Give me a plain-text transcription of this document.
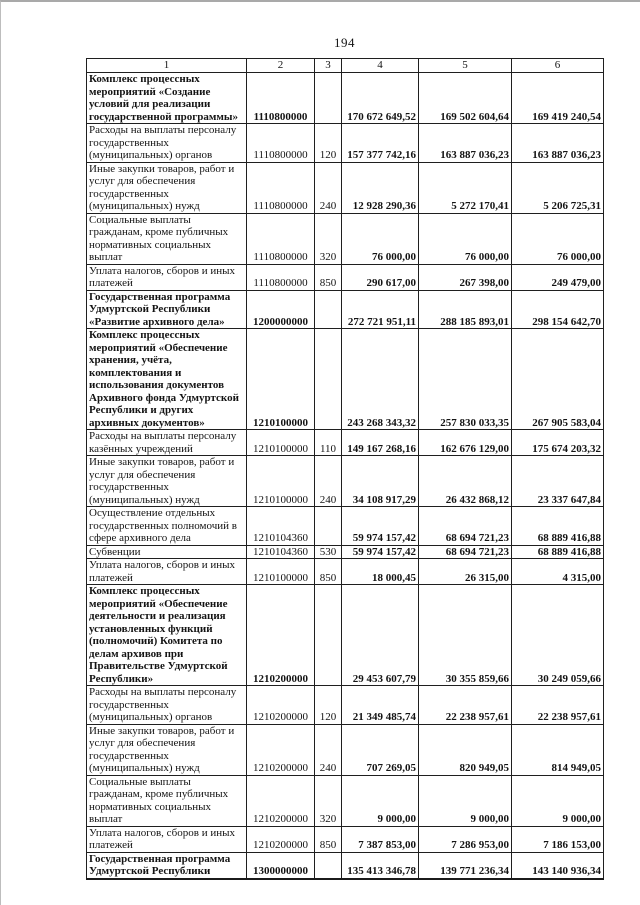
194
1	2	3	4	5	6
Комплекс процессных мероприятий «Создание условий для реализации государственной программы»	1110800000		170 672 649,52	169 502 604,64	169 419 240,54
Расходы на выплаты персоналу государственных (муниципальных) органов	1110800000	120	157 377 742,16	163 887 036,23	163 887 036,23
Иные закупки товаров, работ и услуг для обеспечения государственных (муниципальных) нужд	1110800000	240	12 928 290,36	5 272 170,41	5 206 725,31
Социальные выплаты гражданам, кроме публичных нормативных социальных выплат	1110800000	320	76 000,00	76 000,00	76 000,00
Уплата налогов, сборов и иных платежей	1110800000	850	290 617,00	267 398,00	249 479,00
Государственная программа Удмуртской Республики «Развитие архивного дела»	1200000000		272 721 951,11	288 185 893,01	298 154 642,70
Комплекс процессных мероприятий «Обеспечение хранения, учёта, комплектования и использования документов Архивного фонда Удмуртской Республики и других архивных документов»	1210100000		243 268 343,32	257 830 033,35	267 905 583,04
Расходы на выплаты персоналу казённых учреждений	1210100000	110	149 167 268,16	162 676 129,00	175 674 203,32
Иные закупки товаров, работ и услуг для обеспечения государственных (муниципальных) нужд	1210100000	240	34 108 917,29	26 432 868,12	23 337 647,84
Осуществление отдельных государственных полномочий в сфере архивного дела	1210104360		59 974 157,42	68 694 721,23	68 889 416,88
Субвенции	1210104360	530	59 974 157,42	68 694 721,23	68 889 416,88
Уплата налогов, сборов и иных платежей	1210100000	850	18 000,45	26 315,00	4 315,00
Комплекс процессных мероприятий «Обеспечение деятельности и реализация установленных функций (полномочий) Комитета по делам архивов при Правительстве Удмуртской Республики»	1210200000		29 453 607,79	30 355 859,66	30 249 059,66
Расходы на выплаты персоналу государственных (муниципальных) органов	1210200000	120	21 349 485,74	22 238 957,61	22 238 957,61
Иные закупки товаров, работ и услуг для обеспечения государственных (муниципальных) нужд	1210200000	240	707 269,05	820 949,05	814 949,05
Социальные выплаты гражданам, кроме публичных нормативных социальных выплат	1210200000	320	9 000,00	9 000,00	9 000,00
Уплата налогов, сборов и иных платежей	1210200000	850	7 387 853,00	7 286 953,00	7 186 153,00
Государственная программа Удмуртской Республики	1300000000		135 413 346,78	139 771 236,34	143 140 936,34
